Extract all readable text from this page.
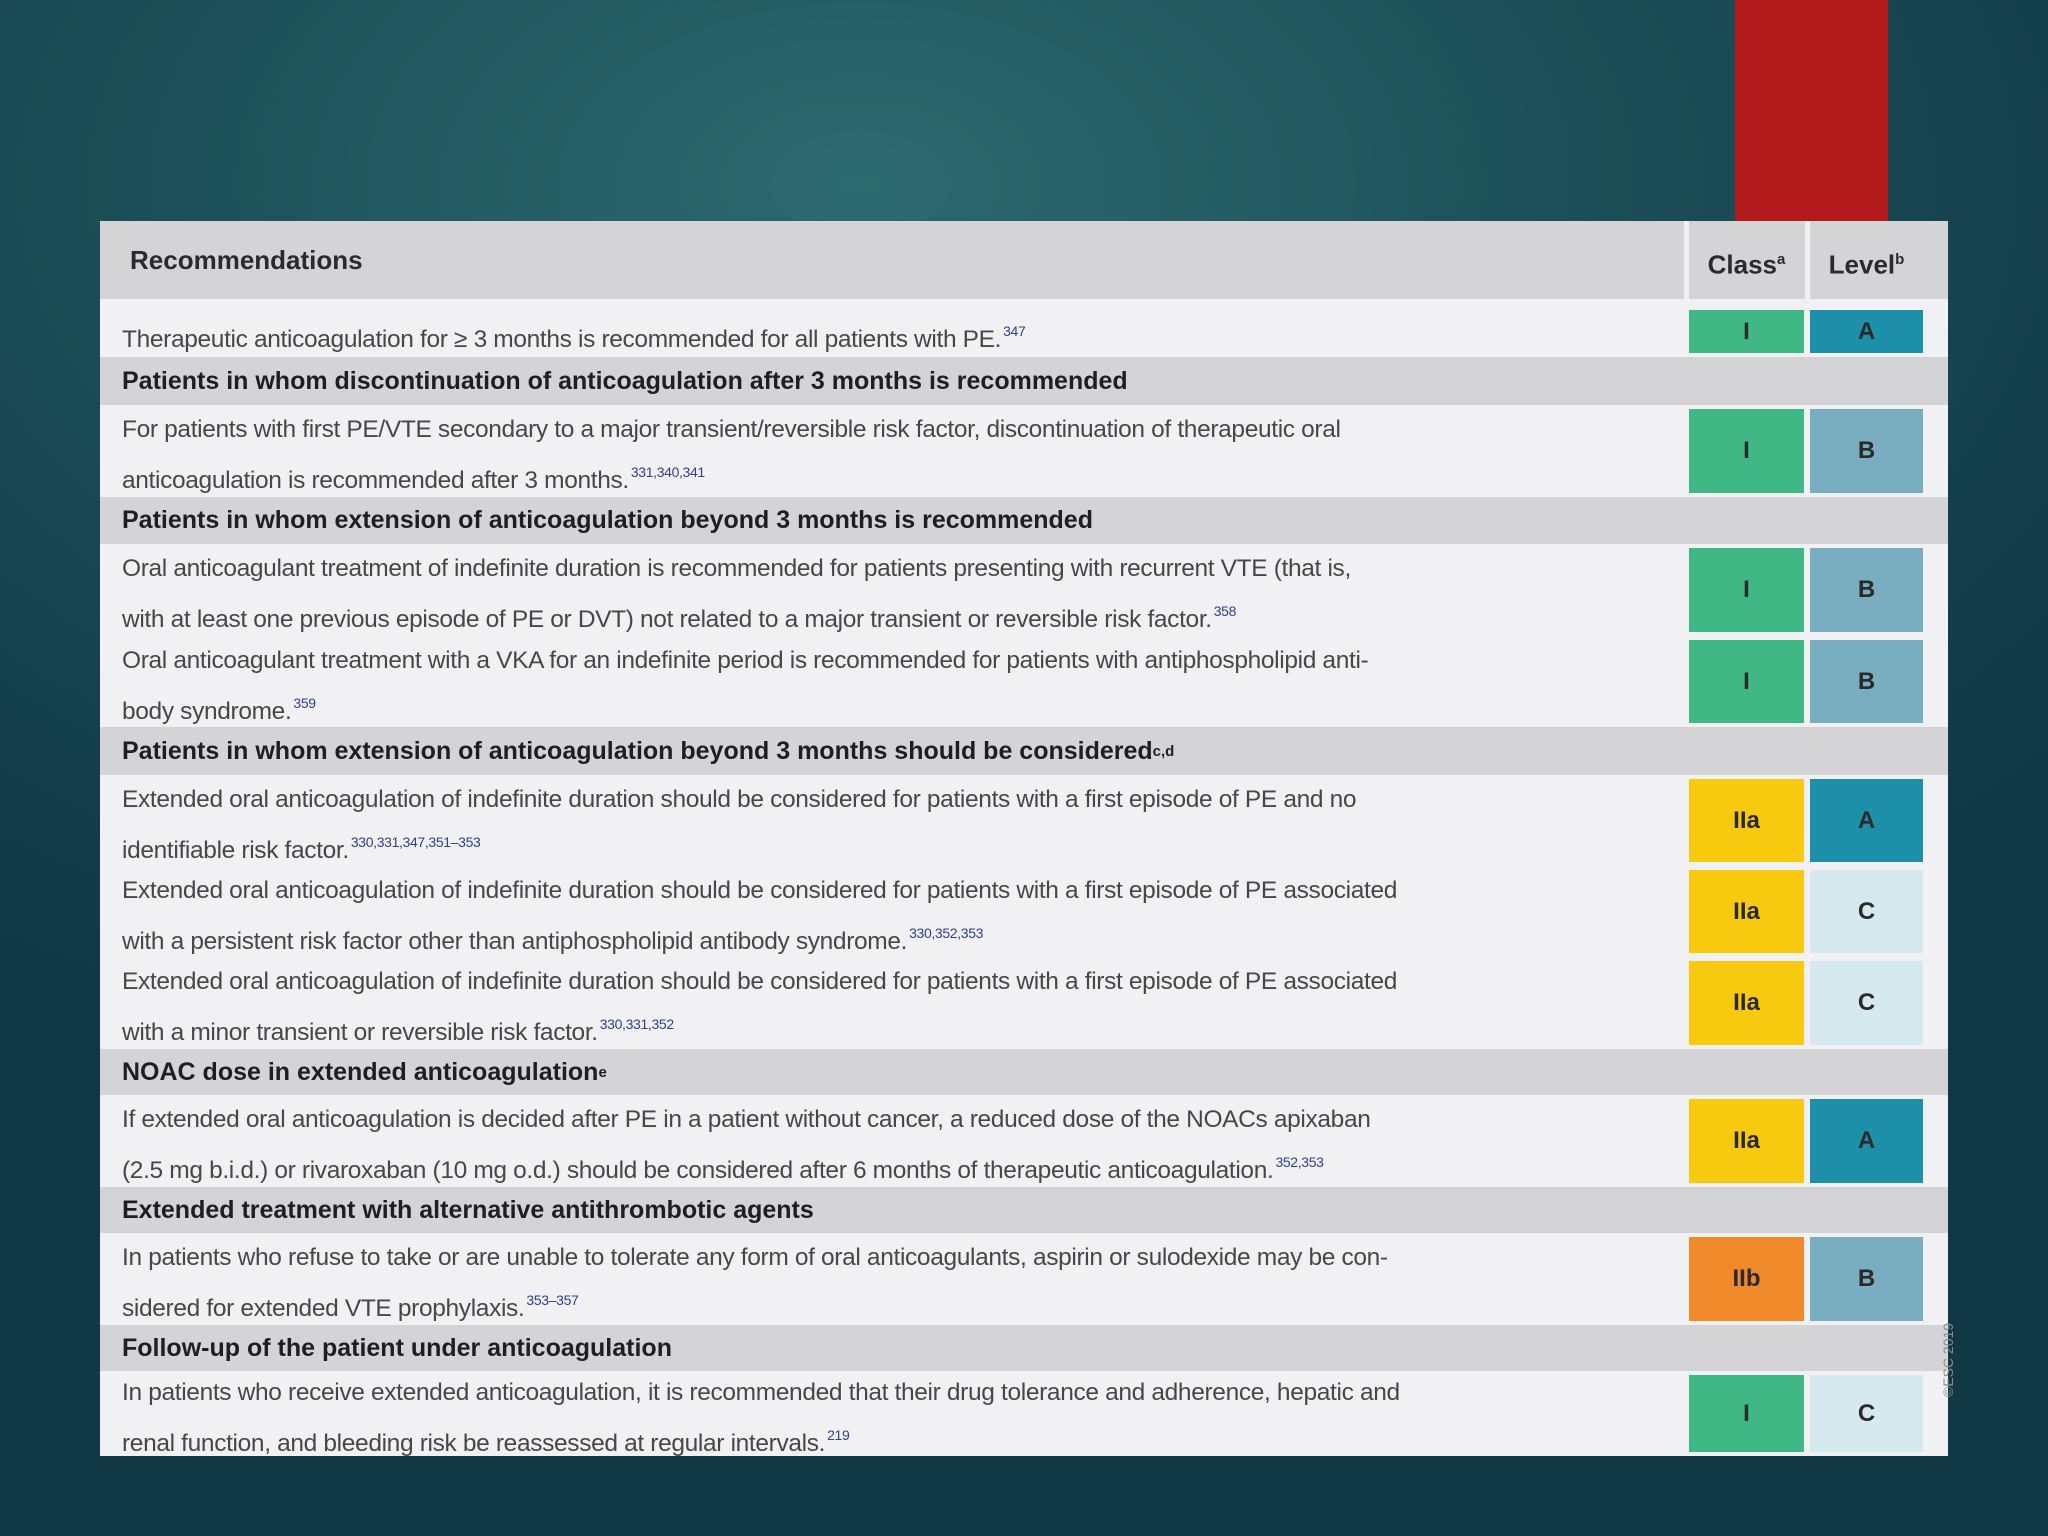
Recommendations	Class$^a$	Level$^b$
Therapeutic anticoagulation for ≥ 3 months is recommended for all patients with PE. $^{347}$	I	A
Patients in whom discontinuation of anticoagulation after 3 months is recommended
For patients with first PE/VTE secondary to a major transient/reversible risk factor, discontinuation of therapeutic oral
anticoagulation is recommended after 3 months. $^{331,340,341}$
I	B
Patients in whom extension of anticoagulation beyond 3 months is recommended
Oral anticoagulant treatment of indefinite duration is recommended for patients presenting with recurrent VTE (that is,
with at least one previous episode of PE or DVT) not related to a major transient or reversible risk factor. $^{358}$
I	B
Oral anticoagulant treatment with a VKA for an indefinite period is recommended for patients with antiphospholipid anti-
body syndrome. $^{359}$
I	B
Patients in whom extension of anticoagulation beyond 3 months should be considered c,d
Extended oral anticoagulation of indefinite duration should be considered for patients with a first episode of PE and no
identifiable risk factor. $^{330,331,347,351-353}$
IIa	A
Extended oral anticoagulation of indefinite duration should be considered for patients with a first episode of PE associated
with a persistent risk factor other than antiphospholipid antibody syndrome. $^{330,352,353}$
IIa	C
Extended oral anticoagulation of indefinite duration should be considered for patients with a first episode of PE associated
with a minor transient or reversible risk factor. $^{330,331,352}$
IIa	C
NOAC dose in extended anticoagulation e
If extended oral anticoagulation is decided after PE in a patient without cancer, a reduced dose of the NOACs apixaban
(2.5 mg b.i.d.) or rivaroxaban (10 mg o.d.) should be considered after 6 months of therapeutic anticoagulation. $^{352,353}$
IIa	A
Extended treatment with alternative antithrombotic agents
In patients who refuse to take or are unable to tolerate any form of oral anticoagulants, aspirin or sulodexide may be con-
sidered for extended VTE prophylaxis. $^{353-357}$
IIb	B
Follow-up of the patient under anticoagulation
In patients who receive extended anticoagulation, it is recommended that their drug tolerance and adherence, hepatic and
renal function, and bleeding risk be reassessed at regular intervals. $^{219}$
I	C
©ESC 2019
